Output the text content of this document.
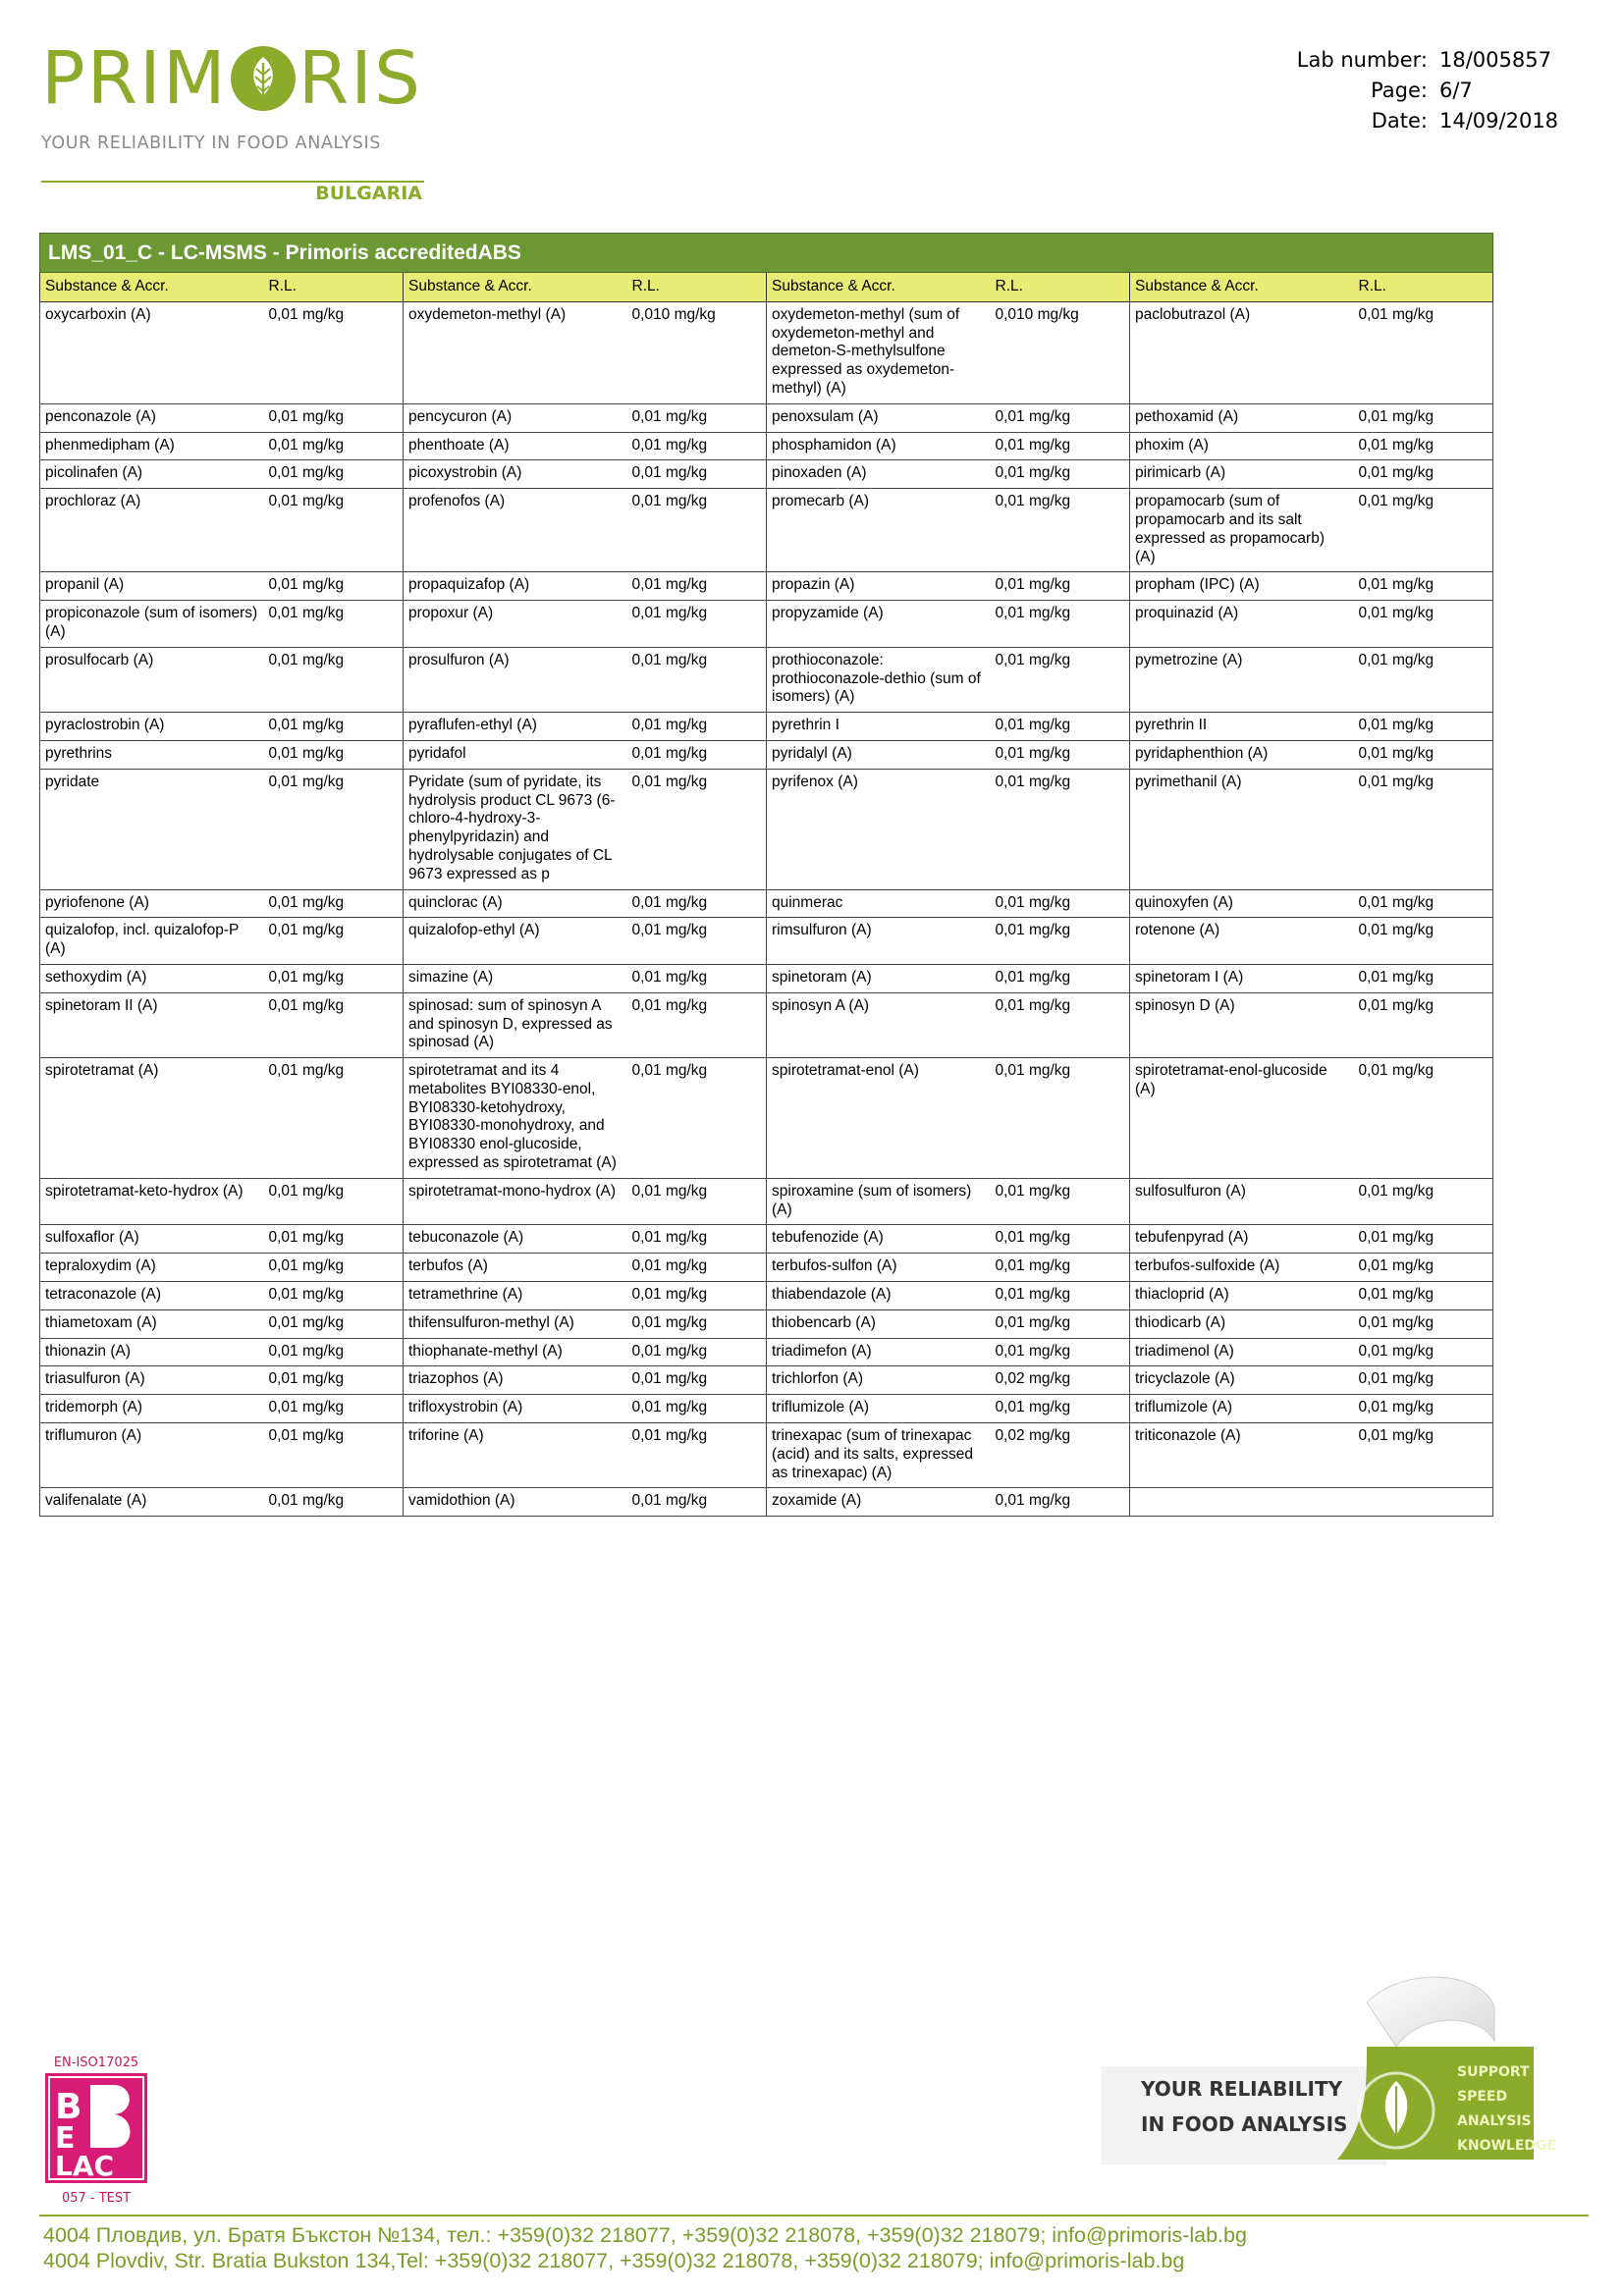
PRIM RIS
YOUR RELIABILITY IN FOOD ANALYSIS
BULGARIA
Lab number: 18/005857
Page: 6/7
Date: 14/09/2018
LMS_01_C - LC-MSMS - Primoris accreditedABS							
Substance & Accr.	R.L.	Substance & Accr.	R.L.	Substance & Accr.	R.L.	Substance & Accr.	R.L.
oxycarboxin (A)	0,01 mg/kg	oxydemeton-methyl (A)	0,010 mg/kg	oxydemeton-methyl (sum of oxydemeton-methyl and demeton-S-methylsulfone expressed as oxydemeton-methyl) (A)	0,010 mg/kg	paclobutrazol (A)	0,01 mg/kg
penconazole (A)	0,01 mg/kg	pencycuron (A)	0,01 mg/kg	penoxsulam (A)	0,01 mg/kg	pethoxamid (A)	0,01 mg/kg
phenmedipham (A)	0,01 mg/kg	phenthoate (A)	0,01 mg/kg	phosphamidon (A)	0,01 mg/kg	phoxim (A)	0,01 mg/kg
picolinafen (A)	0,01 mg/kg	picoxystrobin (A)	0,01 mg/kg	pinoxaden (A)	0,01 mg/kg	pirimicarb (A)	0,01 mg/kg
prochloraz (A)	0,01 mg/kg	profenofos (A)	0,01 mg/kg	promecarb (A)	0,01 mg/kg	propamocarb (sum of propamocarb and its salt expressed as propamocarb) (A)	0,01 mg/kg
propanil (A)	0,01 mg/kg	propaquizafop (A)	0,01 mg/kg	propazin (A)	0,01 mg/kg	propham (IPC) (A)	0,01 mg/kg
propiconazole (sum of isomers) (A)	0,01 mg/kg	propoxur (A)	0,01 mg/kg	propyzamide (A)	0,01 mg/kg	proquinazid (A)	0,01 mg/kg
prosulfocarb (A)	0,01 mg/kg	prosulfuron (A)	0,01 mg/kg	prothioconazole: prothioconazole-dethio (sum of isomers) (A)	0,01 mg/kg	pymetrozine (A)	0,01 mg/kg
pyraclostrobin (A)	0,01 mg/kg	pyraflufen-ethyl (A)	0,01 mg/kg	pyrethrin I	0,01 mg/kg	pyrethrin II	0,01 mg/kg
pyrethrins	0,01 mg/kg	pyridafol	0,01 mg/kg	pyridalyl (A)	0,01 mg/kg	pyridaphenthion (A)	0,01 mg/kg
pyridate	0,01 mg/kg	Pyridate (sum of pyridate, its hydrolysis product CL 9673 (6-chloro-4-hydroxy-3-phenylpyridazin) and hydrolysable conjugates of CL 9673 expressed as p	0,01 mg/kg	pyrifenox (A)	0,01 mg/kg	pyrimethanil (A)	0,01 mg/kg
pyriofenone (A)	0,01 mg/kg	quinclorac (A)	0,01 mg/kg	quinmerac	0,01 mg/kg	quinoxyfen (A)	0,01 mg/kg
quizalofop, incl. quizalofop-P (A)	0,01 mg/kg	quizalofop-ethyl (A)	0,01 mg/kg	rimsulfuron (A)	0,01 mg/kg	rotenone (A)	0,01 mg/kg
sethoxydim (A)	0,01 mg/kg	simazine (A)	0,01 mg/kg	spinetoram (A)	0,01 mg/kg	spinetoram I (A)	0,01 mg/kg
spinetoram II (A)	0,01 mg/kg	spinosad: sum of spinosyn A and spinosyn D, expressed as spinosad (A)	0,01 mg/kg	spinosyn A (A)	0,01 mg/kg	spinosyn D (A)	0,01 mg/kg
spirotetramat (A)	0,01 mg/kg	spirotetramat and its 4 metabolites BYI08330-enol, BYI08330-ketohydroxy, BYI08330-monohydroxy, and BYI08330 enol-glucoside, expressed as spirotetramat (A)	0,01 mg/kg	spirotetramat-enol (A)	0,01 mg/kg	spirotetramat-enol-glucoside (A)	0,01 mg/kg
spirotetramat-keto-hydrox (A)	0,01 mg/kg	spirotetramat-mono-hydrox (A)	0,01 mg/kg	spiroxamine (sum of isomers) (A)	0,01 mg/kg	sulfosulfuron (A)	0,01 mg/kg
sulfoxaflor (A)	0,01 mg/kg	tebuconazole (A)	0,01 mg/kg	tebufenozide (A)	0,01 mg/kg	tebufenpyrad (A)	0,01 mg/kg
tepraloxydim (A)	0,01 mg/kg	terbufos (A)	0,01 mg/kg	terbufos-sulfon (A)	0,01 mg/kg	terbufos-sulfoxide (A)	0,01 mg/kg
tetraconazole (A)	0,01 mg/kg	tetramethrine (A)	0,01 mg/kg	thiabendazole (A)	0,01 mg/kg	thiacloprid (A)	0,01 mg/kg
thiametoxam (A)	0,01 mg/kg	thifensulfuron-methyl (A)	0,01 mg/kg	thiobencarb (A)	0,01 mg/kg	thiodicarb (A)	0,01 mg/kg
thionazin (A)	0,01 mg/kg	thiophanate-methyl (A)	0,01 mg/kg	triadimefon (A)	0,01 mg/kg	triadimenol (A)	0,01 mg/kg
triasulfuron (A)	0,01 mg/kg	triazophos (A)	0,01 mg/kg	trichlorfon (A)	0,02 mg/kg	tricyclazole (A)	0,01 mg/kg
tridemorph (A)	0,01 mg/kg	trifloxystrobin (A)	0,01 mg/kg	triflumizole (A)	0,01 mg/kg	triflumizole (A)	0,01 mg/kg
triflumuron (A)	0,01 mg/kg	triforine (A)	0,01 mg/kg	trinexapac (sum of trinexapac (acid) and its salts, expressed as trinexapac) (A)	0,02 mg/kg	triticonazole (A)	0,01 mg/kg
valifenalate (A)	0,01 mg/kg	vamidothion (A)	0,01 mg/kg	zoxamide (A)	0,01 mg/kg		
EN-ISO17025
B
E
LAC
057 - TEST
YOUR RELIABILITY
IN FOOD ANALYSIS
SUPPORT
SPEED
ANALYSIS
KNOWLEDGE
4004 Пловдив, ул. Братя Бъкстон №134, тел.: +359(0)32 218077, +359(0)32 218078, +359(0)32 218079; info@primoris-lab.bg
4004 Plovdiv, Str. Bratia Bukston 134,Tel: +359(0)32 218077, +359(0)32 218078, +359(0)32 218079; info@primoris-lab.bg
